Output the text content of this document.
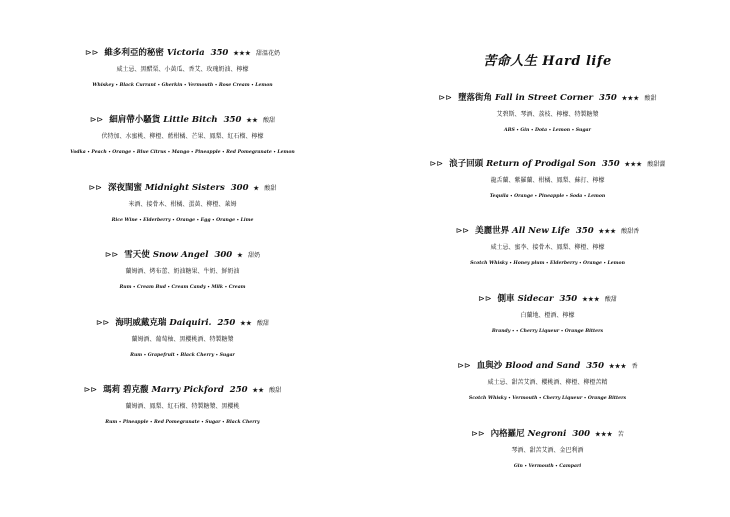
⊳⊳ 維多利亞的秘密 Victoria 350 ★★★ 甜溫花奶
威士忌、黑醋栗、小黃瓜、香艾、玫瑰奶油、檸檬
Whiskey ∙ Black Currant ∙ Gherkin ∙ Vermouth ∙ Rose Cream ∙ Lemon
⊳⊳ 細肩帶小騷貨 Little Bitch 350 ★★ 酸甜
伏特加、水蜜桃、柳橙、藍柑橘、芒果、鳳梨、紅石榴、檸檬
Vodka ∙ Peach ∙ Orange ∙ Blue Citrus ∙ Mango ∙ Pineapple ∙ Red Pomegranate ∙ Lemon
⊳⊳ 深夜閨蜜 Midnight Sisters 300 ★ 酸甜
米酒、接骨木、柑橘、蛋黃、柳橙、萊姆
Rice Wine ∙ Elderberry ∙ Orange ∙ Egg ∙ Orange ∙ Lime
⊳⊳ 雪天使 Snow Angel 300 ★ 甜奶
蘭姆酒、烤布蕾、奶油糖果、牛奶、鮮奶油
Rum ∙ Cream Bud ∙ Cream Candy ∙ Milk ∙ Cream
⊳⊳ 海明威戴克瑞 Daiquiri. 250 ★★ 酸甜
蘭姆酒、葡萄柚、黑櫻桃酒、特製糖漿
Rum ∙ Grapefruit ∙ Black Cherry ∙ Sugar
⊳⊳ 瑪莉 碧克馥 Marry Pickford 250 ★★ 酸甜
蘭姆酒、鳳梨、紅石榴、特製糖漿、黑櫻桃
Rum ∙ Pineapple ∙ Red Pomegranate ∙ Sugar ∙ Black Cherry
苦命人生 Hard life
⊳⊳ 墮落街角 Fall in Street Corner 350 ★★★ 酸甜
艾碧斯、琴酒、荔枝、檸檬、特製糖漿
ABS ∙ Gin ∙ Dota ∙ Lemon ∙ Sugar
⊳⊳ 浪子回頭 Return of Prodigal Son 350 ★★★ 酸甜澀
龍舌蘭、紫羅蘭、柑橘、鳳梨、蘇打、檸檬
Tequila ∙ Orange ∙ Pineapple ∙ Soda ∙ Lemon
⊳⊳ 美麗世界 All New Life 350 ★★★ 酸甜香
威士忌、蜜李、接骨木、鳳梨、柳橙、檸檬
Scotch Whisky ∙ Honey plum ∙ Elderberry ∙ Orange ∙ Lemon
⊳⊳ 側車 Sidecar 350 ★★★ 酸甜
白蘭地、橙酒、檸檬
Brandy ∙ ∙ Cherry Liqueur ∙ Orange Bitters
⊳⊳ 血與沙 Blood and Sand 350 ★★★ 香
威士忌、甜苦艾酒、櫻桃酒、柳橙、柳橙苦精
Scotch Whisky ∙ Vermouth ∙ Cherry Liqueur ∙ Orange Bitters
⊳⊳ 內格羅尼 Negroni 300 ★★★ 苦
琴酒、甜苦艾酒、金巴利酒
Gin ∙ Vermouth ∙ Campari
